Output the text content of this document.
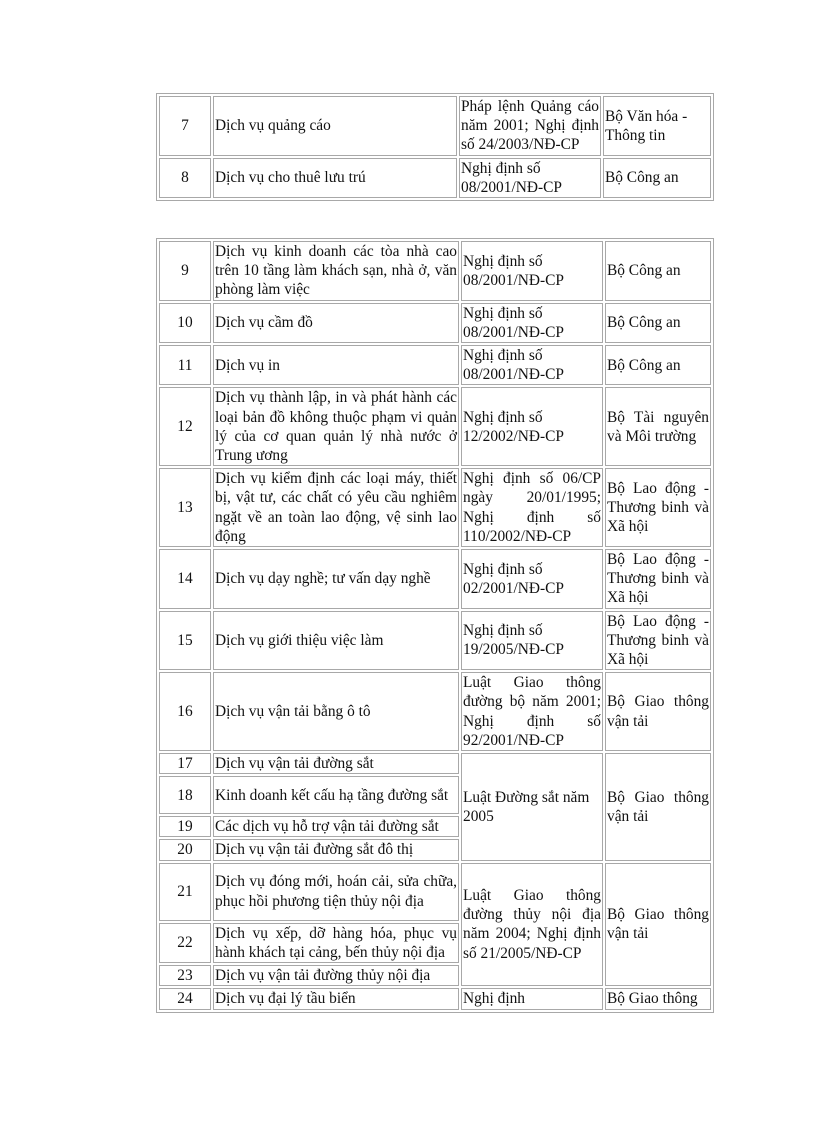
7	Dịch vụ quảng cáo	Pháp lệnh Quảng cáo năm 2001; Nghị định số 24/2003/NĐ-CP	Bộ Văn hóa - Thông tin
8	Dịch vụ cho thuê lưu trú	Nghị định số 08/2001/NĐ-CP	Bộ Công an
9	Dịch vụ kinh doanh các tòa nhà cao trên 10 tầng làm khách sạn, nhà ở, văn phòng làm việc	Nghị định số 08/2001/NĐ-CP	Bộ Công an
10	Dịch vụ cầm đồ	Nghị định số 08/2001/NĐ-CP	Bộ Công an
11	Dịch vụ in	Nghị định số 08/2001/NĐ-CP	Bộ Công an
12	Dịch vụ thành lập, in và phát hành các loại bản đồ không thuộc phạm vi quản lý của cơ quan quản lý nhà nước ở Trung ương	Nghị định số 12/2002/NĐ-CP	Bộ Tài nguyên và Môi trường
13	Dịch vụ kiểm định các loại máy, thiết bị, vật tư, các chất có yêu cầu nghiêm ngặt về an toàn lao động, vệ sinh lao động	Nghị định số 06/CP ngày 20/01/1995; Nghị định số 110/2002/NĐ-CP	Bộ Lao động - Thương binh và Xã hội
14	Dịch vụ dạy nghề; tư vấn dạy nghề	Nghị định số 02/2001/NĐ-CP	Bộ Lao động - Thương binh và Xã hội
15	Dịch vụ giới thiệu việc làm	Nghị định số 19/2005/NĐ-CP	Bộ Lao động - Thương binh và Xã hội
16	Dịch vụ vận tải bằng ô tô	Luật Giao thông đường bộ năm 2001; Nghị định số 92/2001/NĐ-CP	Bộ Giao thông vận tải
17	Dịch vụ vận tải đường sắt	Luật Đường sắt năm 2005	Bộ Giao thông vận tải
18	Kinh doanh kết cấu hạ tầng đường sắt		
19	Các dịch vụ hỗ trợ vận tải đường sắt		
20	Dịch vụ vận tải đường sắt đô thị		
21	Dịch vụ đóng mới, hoán cải, sửa chữa, phục hồi phương tiện thủy nội địa	Luật Giao thông đường thủy nội địa năm 2004; Nghị định số 21/2005/NĐ-CP	Bộ Giao thông vận tải
22	Dịch vụ xếp, dỡ hàng hóa, phục vụ hành khách tại cảng, bến thủy nội địa		
23	Dịch vụ vận tải đường thủy nội địa		
24	Dịch vụ đại lý tầu biển	Nghị định	Bộ Giao thông
